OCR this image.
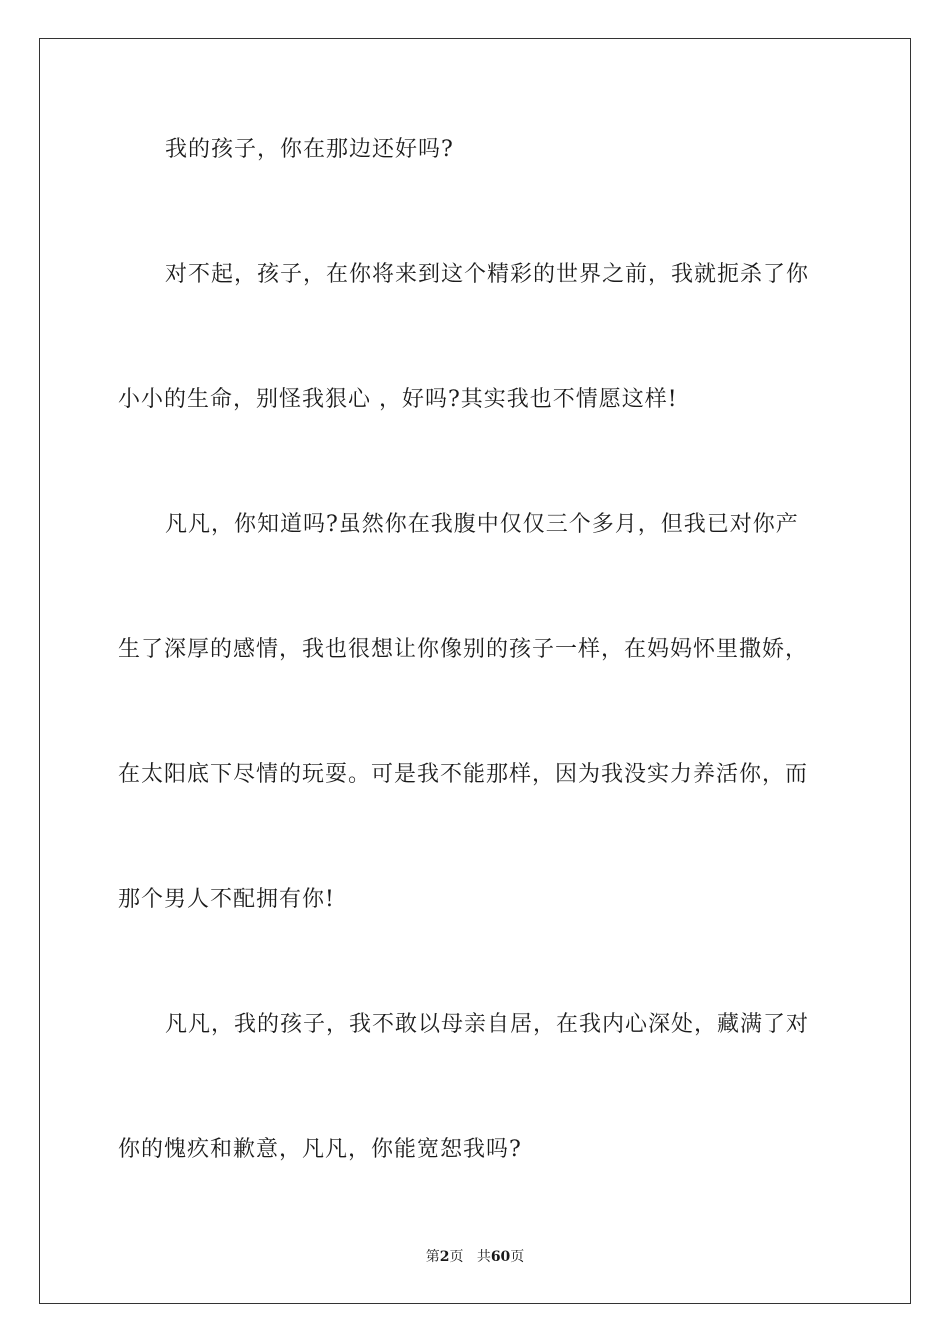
我的孩子，你在那边还好吗?
对不起，孩子，在你将来到这个精彩的世界之前，我就扼杀了你
小小的生命，别怪我狠心 ，好吗?其实我也不情愿这样!
凡凡，你知道吗?虽然你在我腹中仅仅三个多月，但我已对你产
生了深厚的感情，我也很想让你像别的孩子一样，在妈妈怀里撒娇，
在太阳底下尽情的玩耍。可是我不能那样，因为我没实力养活你，而
那个男人不配拥有你!
凡凡，我的孩子，我不敢以母亲自居，在我内心深处，藏满了对
你的愧疚和歉意，凡凡，你能宽恕我吗?
第2页 共60页
